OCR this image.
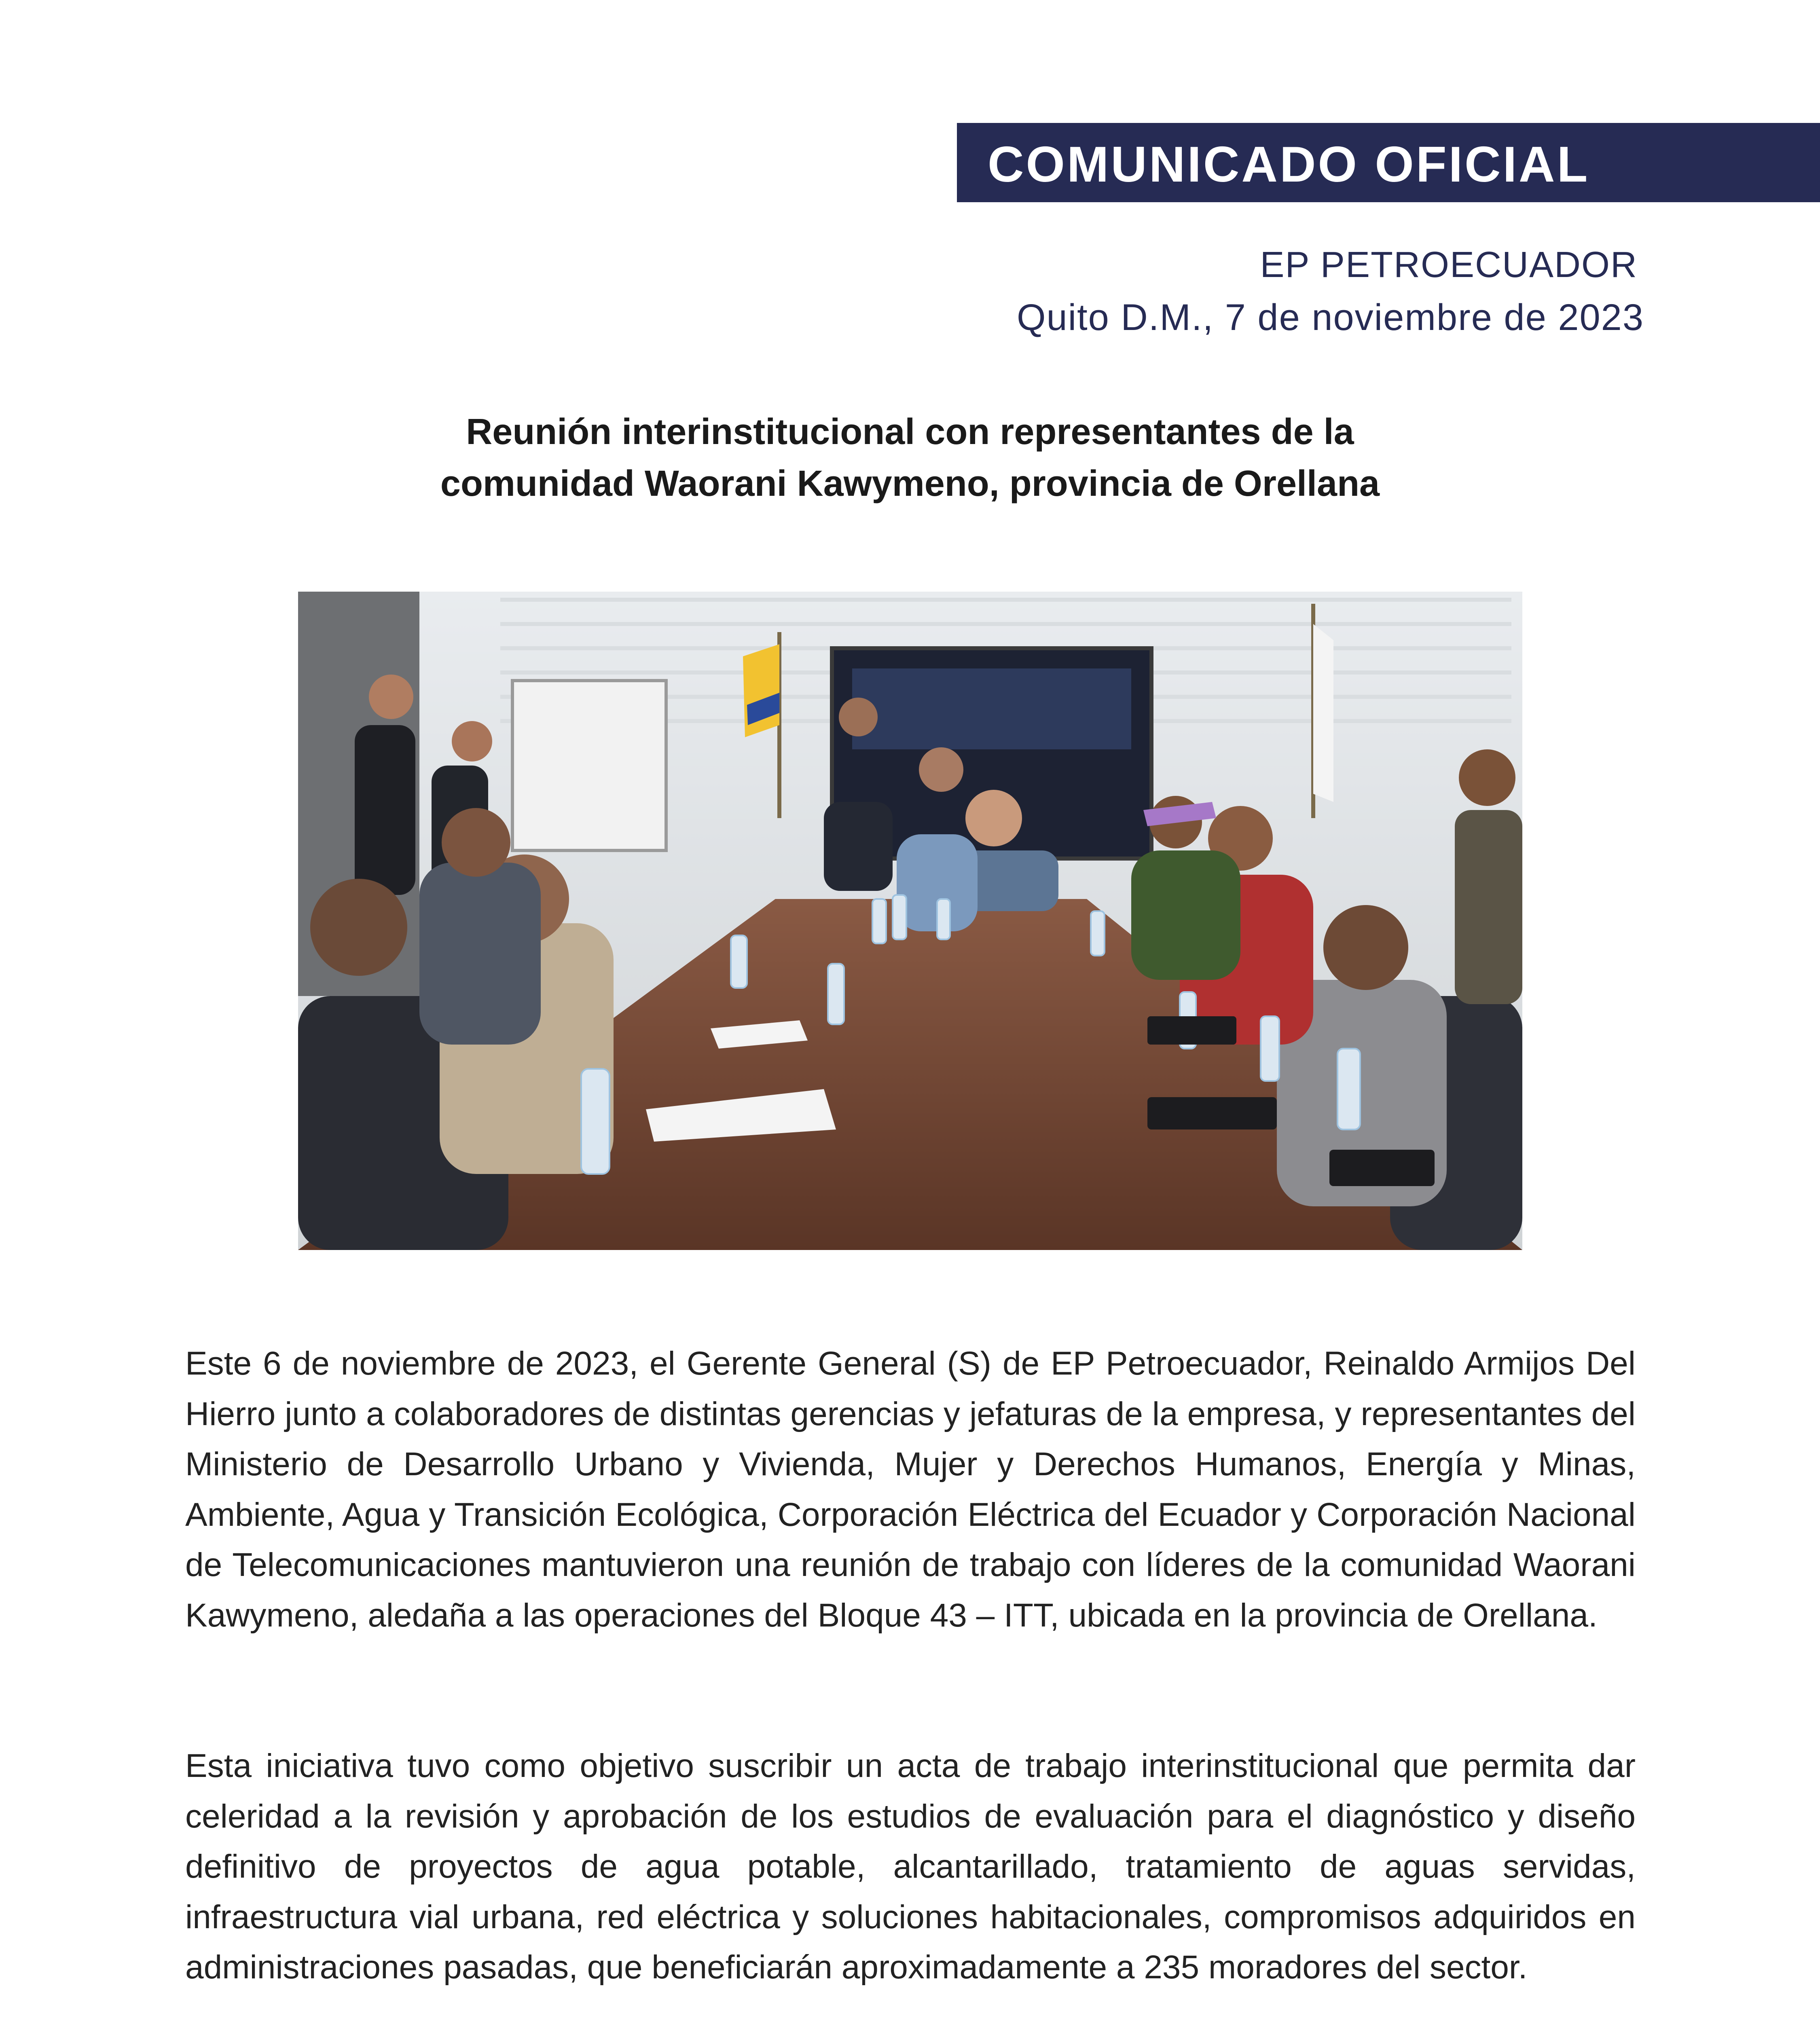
COMUNICADO OFICIAL
EP PETROECUADOR
Quito D.M., 7 de noviembre de 2023
Reunión interinstitucional con representantes de la
comunidad Waorani Kawymeno, provincia de Orellana

Este 6 de noviembre de 2023, el Gerente General (S) de EP Petroecuador, Reinaldo Armijos Del Hierro junto a colaboradores de distintas gerencias y jefaturas de la empresa, y representantes del Ministerio de Desarrollo Urbano y Vivienda, Mujer y Derechos Humanos, Energía y Minas, Ambiente, Agua y Transición Ecológica, Corporación Eléctrica del Ecuador y Corporación Nacional de Telecomunicaciones mantuvieron una reunión de trabajo con líderes de la comunidad Waorani Kawymeno, aledaña a las operaciones del Bloque 43 – ITT, ubicada en la provincia de Orellana.

Esta iniciativa tuvo como objetivo suscribir un acta de trabajo interinstitucional que permita dar celeridad a la revisión y aprobación de los estudios de evaluación para el diagnóstico y diseño definitivo de proyectos de agua potable, alcantarillado, tratamiento de aguas servidas, infraestructura vial urbana, red eléctrica y soluciones habitacionales, compromisos adquiridos en administraciones pasadas, que beneficiarán aproximadamente a 235 moradores del sector.
